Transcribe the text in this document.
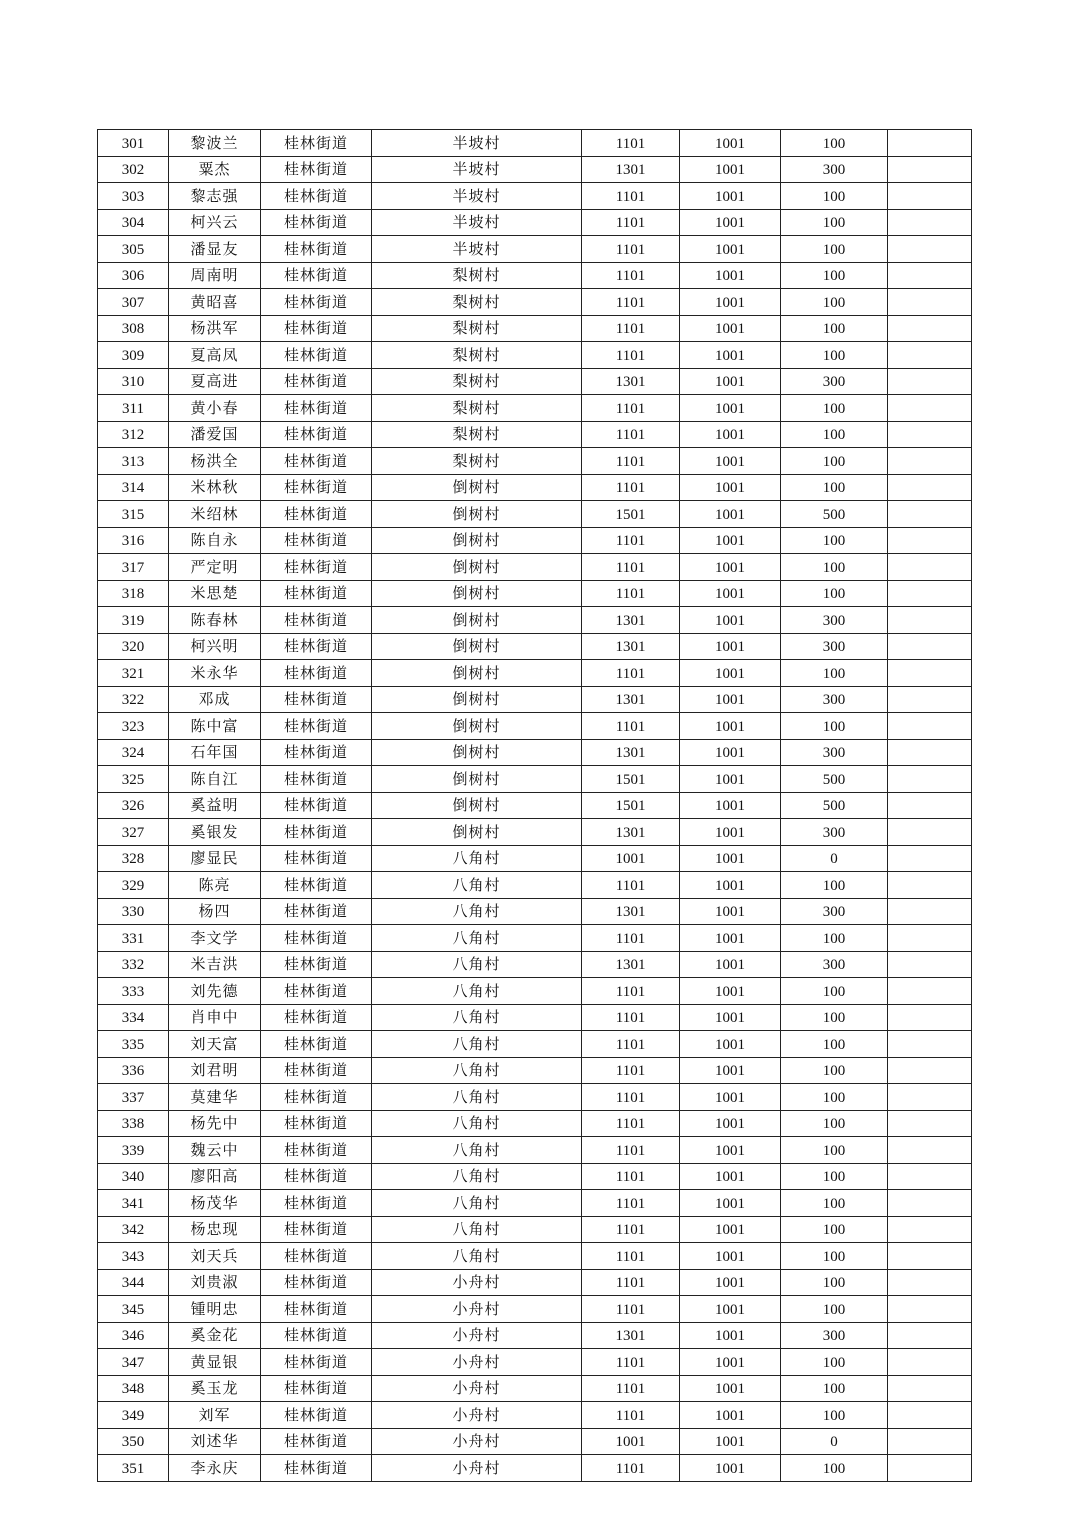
301	黎波兰	桂林街道	半坡村	1101	1001	100	
302	粟杰	桂林街道	半坡村	1301	1001	300	
303	黎志强	桂林街道	半坡村	1101	1001	100	
304	柯兴云	桂林街道	半坡村	1101	1001	100	
305	潘显友	桂林街道	半坡村	1101	1001	100	
306	周南明	桂林街道	梨树村	1101	1001	100	
307	黄昭喜	桂林街道	梨树村	1101	1001	100	
308	杨洪军	桂林街道	梨树村	1101	1001	100	
309	夏高凤	桂林街道	梨树村	1101	1001	100	
310	夏高进	桂林街道	梨树村	1301	1001	300	
311	黄小春	桂林街道	梨树村	1101	1001	100	
312	潘爱国	桂林街道	梨树村	1101	1001	100	
313	杨洪全	桂林街道	梨树村	1101	1001	100	
314	米林秋	桂林街道	倒树村	1101	1001	100	
315	米绍林	桂林街道	倒树村	1501	1001	500	
316	陈自永	桂林街道	倒树村	1101	1001	100	
317	严定明	桂林街道	倒树村	1101	1001	100	
318	米思楚	桂林街道	倒树村	1101	1001	100	
319	陈春林	桂林街道	倒树村	1301	1001	300	
320	柯兴明	桂林街道	倒树村	1301	1001	300	
321	米永华	桂林街道	倒树村	1101	1001	100	
322	邓成	桂林街道	倒树村	1301	1001	300	
323	陈中富	桂林街道	倒树村	1101	1001	100	
324	石年国	桂林街道	倒树村	1301	1001	300	
325	陈自江	桂林街道	倒树村	1501	1001	500	
326	奚益明	桂林街道	倒树村	1501	1001	500	
327	奚银发	桂林街道	倒树村	1301	1001	300	
328	廖显民	桂林街道	八角村	1001	1001	0	
329	陈亮	桂林街道	八角村	1101	1001	100	
330	杨四	桂林街道	八角村	1301	1001	300	
331	李文学	桂林街道	八角村	1101	1001	100	
332	米吉洪	桂林街道	八角村	1301	1001	300	
333	刘先德	桂林街道	八角村	1101	1001	100	
334	肖申中	桂林街道	八角村	1101	1001	100	
335	刘天富	桂林街道	八角村	1101	1001	100	
336	刘君明	桂林街道	八角村	1101	1001	100	
337	莫建华	桂林街道	八角村	1101	1001	100	
338	杨先中	桂林街道	八角村	1101	1001	100	
339	魏云中	桂林街道	八角村	1101	1001	100	
340	廖阳高	桂林街道	八角村	1101	1001	100	
341	杨茂华	桂林街道	八角村	1101	1001	100	
342	杨忠现	桂林街道	八角村	1101	1001	100	
343	刘天兵	桂林街道	八角村	1101	1001	100	
344	刘贵淑	桂林街道	小舟村	1101	1001	100	
345	锺明忠	桂林街道	小舟村	1101	1001	100	
346	奚金花	桂林街道	小舟村	1301	1001	300	
347	黄显银	桂林街道	小舟村	1101	1001	100	
348	奚玉龙	桂林街道	小舟村	1101	1001	100	
349	刘军	桂林街道	小舟村	1101	1001	100	
350	刘述华	桂林街道	小舟村	1001	1001	0	
351	李永庆	桂林街道	小舟村	1101	1001	100	
